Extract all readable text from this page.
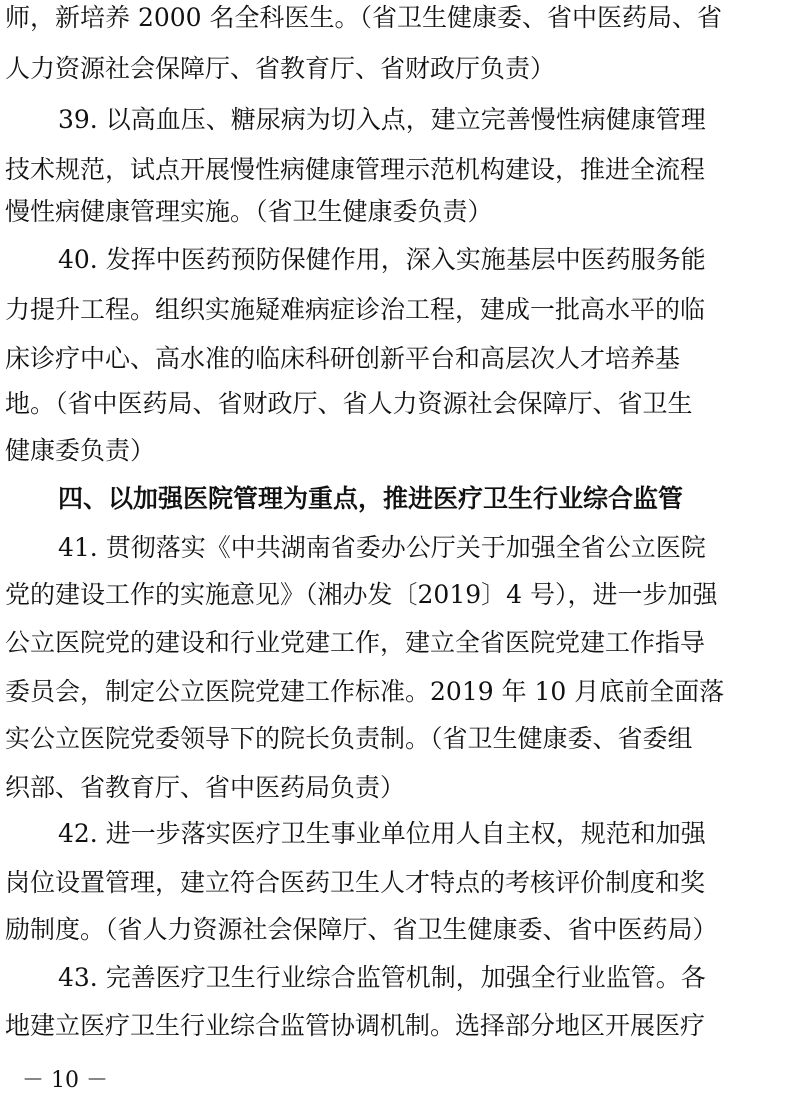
师，新培养 2000 名全科医生。（省卫生健康委、省中医药局、省
人力资源社会保障厅、省教育厅、省财政厅负责）
39. 以高血压、糖尿病为切入点，建立完善慢性病健康管理
技术规范，试点开展慢性病健康管理示范机构建设，推进全流程
慢性病健康管理实施。（省卫生健康委负责）
40. 发挥中医药预防保健作用，深入实施基层中医药服务能
力提升工程。组织实施疑难病症诊治工程，建成一批高水平的临
床诊疗中心、高水准的临床科研创新平台和高层次人才培养基
地。（省中医药局、省财政厅、省人力资源社会保障厅、省卫生
健康委负责）
四、以加强医院管理为重点，推进医疗卫生行业综合监管
41. 贯彻落实《中共湖南省委办公厅关于加强全省公立医院
党的建设工作的实施意见》（湘办发〔2019〕4 号），进一步加强
公立医院党的建设和行业党建工作，建立全省医院党建工作指导
委员会，制定公立医院党建工作标准。2019 年 10 月底前全面落
实公立医院党委领导下的院长负责制。（省卫生健康委、省委组
织部、省教育厅、省中医药局负责）
42. 进一步落实医疗卫生事业单位用人自主权，规范和加强
岗位设置管理，建立符合医药卫生人才特点的考核评价制度和奖
励制度。（省人力资源社会保障厅、省卫生健康委、省中医药局）
43. 完善医疗卫生行业综合监管机制，加强全行业监管。各
地建立医疗卫生行业综合监管协调机制。选择部分地区开展医疗
－ 10 －
